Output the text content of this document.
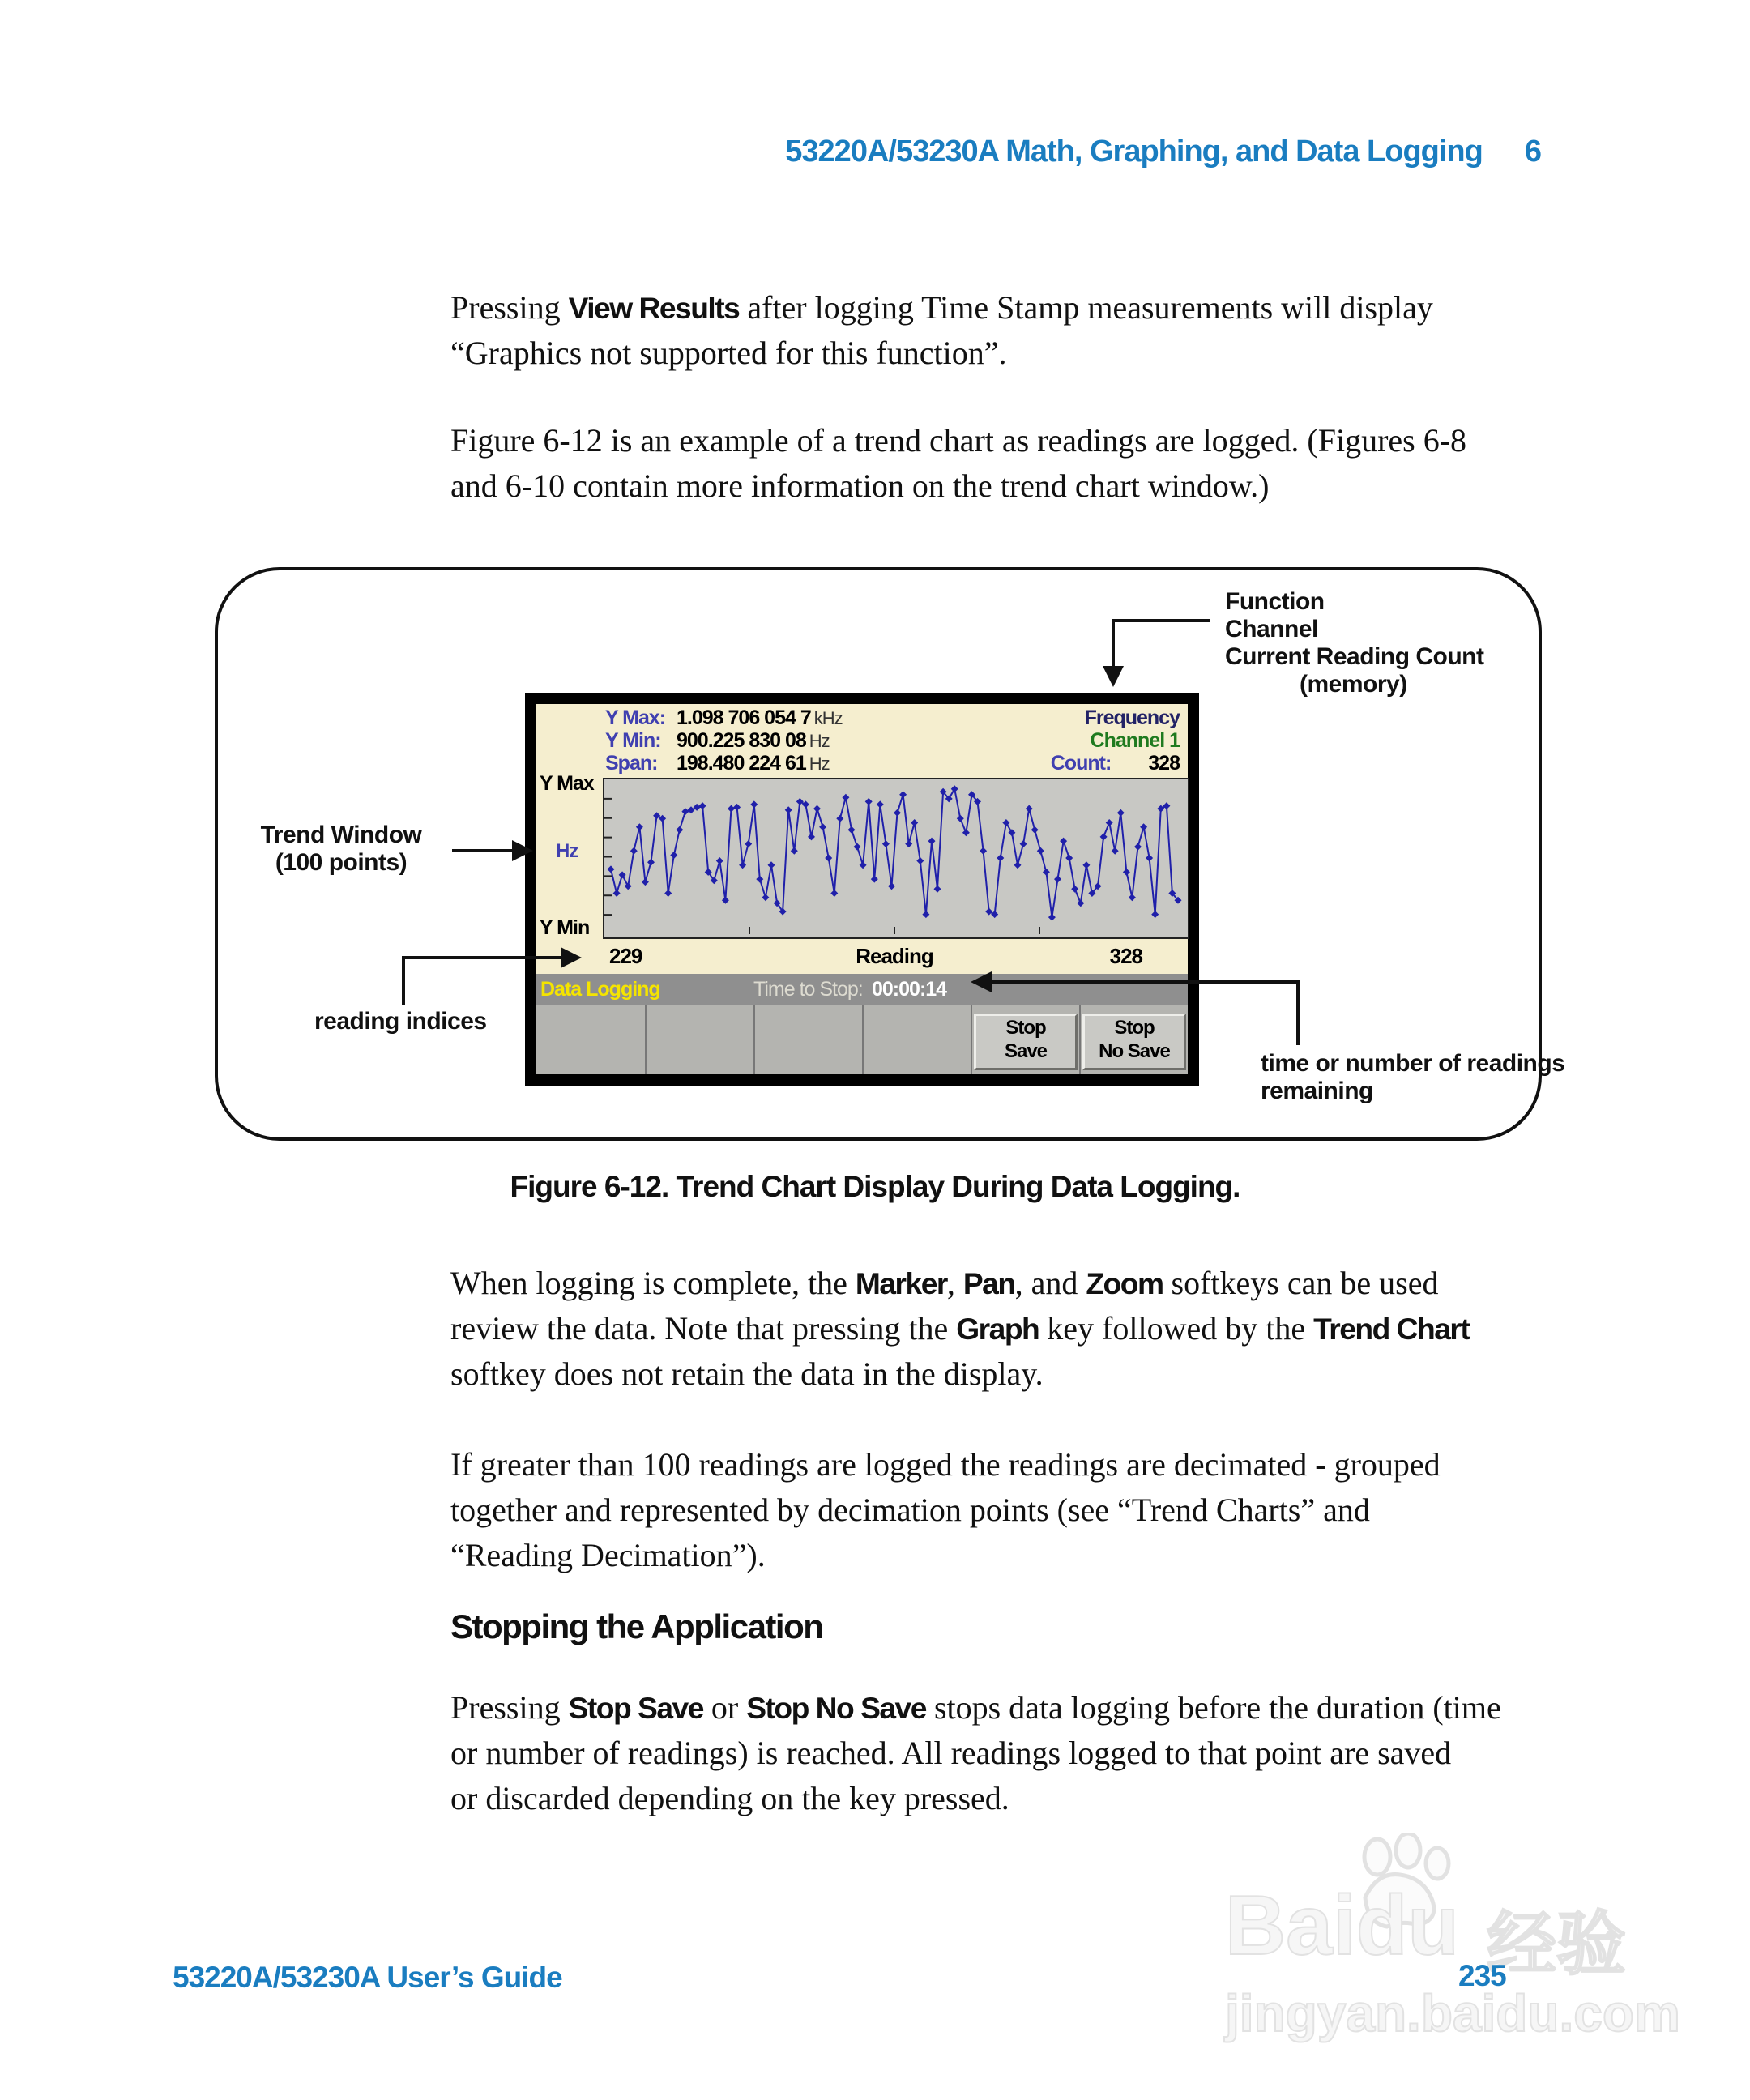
53220A/53230A Math, Graphing, and Data Logging 6
Pressing View Results after logging Time Stamp measurements will display
“Graphics not supported for this function”.
Figure 6-12 is an example of a trend chart as readings are logged. (Figures 6-8
and 6-10 contain more information on the trend chart window.)
Function
Channel
Current Reading Count
(memory)
Trend Window
(100 points)
reading indices
time or number of readings
remaining
Y Max: 1.098 706 054 7 kHz
Y Min: 900.225 830 08 Hz
Span: 198.480 224 61 Hz
Frequency
Channel 1
Count: 328
Y Max
Hz
Y Min
229	Reading	328
Data Logging	Time to Stop: 00:00:14
Stop
Save
Stop
No Save
Figure 6-12. Trend Chart Display During Data Logging.
When logging is complete, the Marker, Pan, and Zoom softkeys can be used
review the data. Note that pressing the Graph key followed by the Trend Chart
softkey does not retain the data in the display.
If greater than 100 readings are logged the readings are decimated - grouped
together and represented by decimation points (see “Trend Charts” and
“Reading Decimation”).
Stopping the Application
Pressing Stop Save or Stop No Save stops data logging before the duration (time
or number of readings) is reached. All readings logged to that point are saved
or discarded depending on the key pressed.
Baidu 经验
jingyan.baidu.com
53220A/53230A User’s Guide	235
